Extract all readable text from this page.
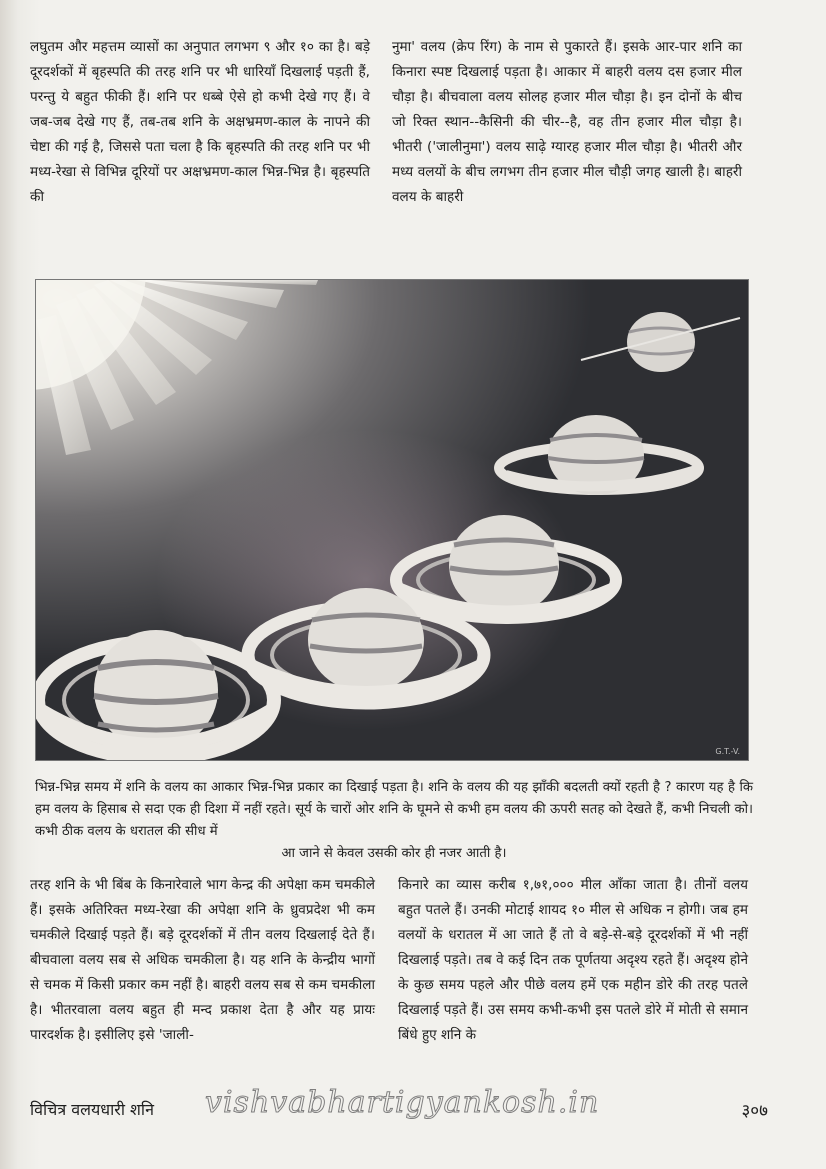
लघुतम और महत्तम व्यासों का अनुपात लगभग ९ और १० का है। बड़े दूरदर्शकों में बृहस्पति की तरह शनि पर भी धारियाँ दिखलाई पड़ती हैं, परन्तु ये बहुत फीकी हैं। शनि पर धब्बे ऐसे हो कभी देखे गए हैं। वे जब-जब देखे गए हैं, तब-तब शनि के अक्षभ्रमण-काल के नापने की चेष्टा की गई है, जिससे पता चला है कि बृहस्पति की तरह शनि पर भी मध्य-रेखा से विभिन्न दूरियों पर अक्षभ्रमण-काल भिन्न-भिन्न है। बृहस्पति की
नुमा' वलय (क्रेप रिंग) के नाम से पुकारते हैं। इसके आर-पार शनि का किनारा स्पष्ट दिखलाई पड़ता है। आकार में बाहरी वलय दस हजार मील चौड़ा है। बीचवाला वलय सोलह हजार मील चौड़ा है। इन दोनों के बीच जो रिक्त स्थान--कैसिनी की चीर--है, वह तीन हजार मील चौड़ा है। भीतरी ('जालीनुमा') वलय साढ़े ग्यारह हजार मील चौड़ा है। भीतरी और मध्य वलयों के बीच लगभग तीन हजार मील चौड़ी जगह खाली है। बाहरी वलय के बाहरी
G.T.-V.
भिन्न-भिन्न समय में शनि के वलय का आकार भिन्न-भिन्न प्रकार का दिखाई पड़ता है। शनि के वलय की यह झाँकी बदलती क्यों रहती है ? कारण यह है कि हम वलय के हिसाब से सदा एक ही दिशा में नहीं रहते। सूर्य के चारों ओर शनि के घूमने से कभी हम वलय की ऊपरी सतह को देखते हैं, कभी निचली को। कभी ठीक वलय के धरातल की सीध में
आ जाने से केवल उसकी कोर ही नजर आती है।
तरह शनि के भी बिंब के किनारेवाले भाग केन्द्र की अपेक्षा कम चमकीले हैं। इसके अतिरिक्त मध्य-रेखा की अपेक्षा शनि के ध्रुवप्रदेश भी कम चमकीले दिखाई पड़ते हैं। बड़े दूरदर्शकों में तीन वलय दिखलाई देते हैं। बीचवाला वलय सब से अधिक चमकीला है। यह शनि के केन्द्रीय भागों से चमक में किसी प्रकार कम नहीं है। बाहरी वलय सब से कम चमकीला है। भीतरवाला वलय बहुत ही मन्द प्रकाश देता है और यह प्रायः पारदर्शक है। इसीलिए इसे 'जाली-
किनारे का व्यास करीब १,७१,००० मील आँका जाता है। तीनों वलय बहुत पतले हैं। उनकी मोटाई शायद १० मील से अधिक न होगी। जब हम वलयों के धरातल में आ जाते हैं तो वे बड़े-से-बड़े दूरदर्शकों में भी नहीं दिखलाई पड़ते। तब वे कई दिन तक पूर्णतया अदृश्य रहते हैं। अदृश्य होने के कुछ समय पहले और पीछे वलय हमें एक महीन डोरे की तरह पतले दिखलाई पड़ते हैं। उस समय कभी-कभी इस पतले डोरे में मोती से समान बिंधे हुए शनि के
विचित्र वलयधारी शनि vishvabhartigyankosh.in	३०७
